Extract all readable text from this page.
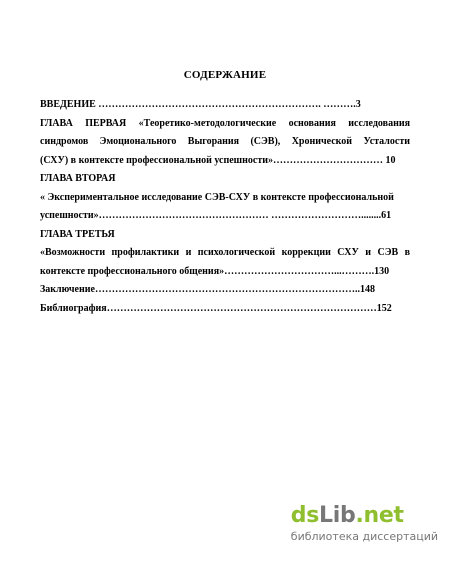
СОДЕРЖАНИЕ
ВВЕДЕНИЕ …………………………………………………………. ……….3
ГЛАВА ПЕРВАЯ «Теоретико-методологические основания исследования
синдромов Эмоционального Выгорания (СЭВ), Хронической Усталости
(СХУ) в контексте профессиональной успешности»…………………………… 10
ГЛАВА ВТОРАЯ
« Экспериментальное исследование СЭВ-СХУ в контексте профессиональной
успешности»…………………………………………… ………………………........61
ГЛАВА ТРЕТЬЯ
«Возможности профилактики и психологической коррекции СХУ и СЭВ в
контексте профессионального общения»……………………………...……….130
Заключение……………………………………………………………………..148
Библиография………………………………………………………………………152
dsLib.net
библиотека диссертаций
